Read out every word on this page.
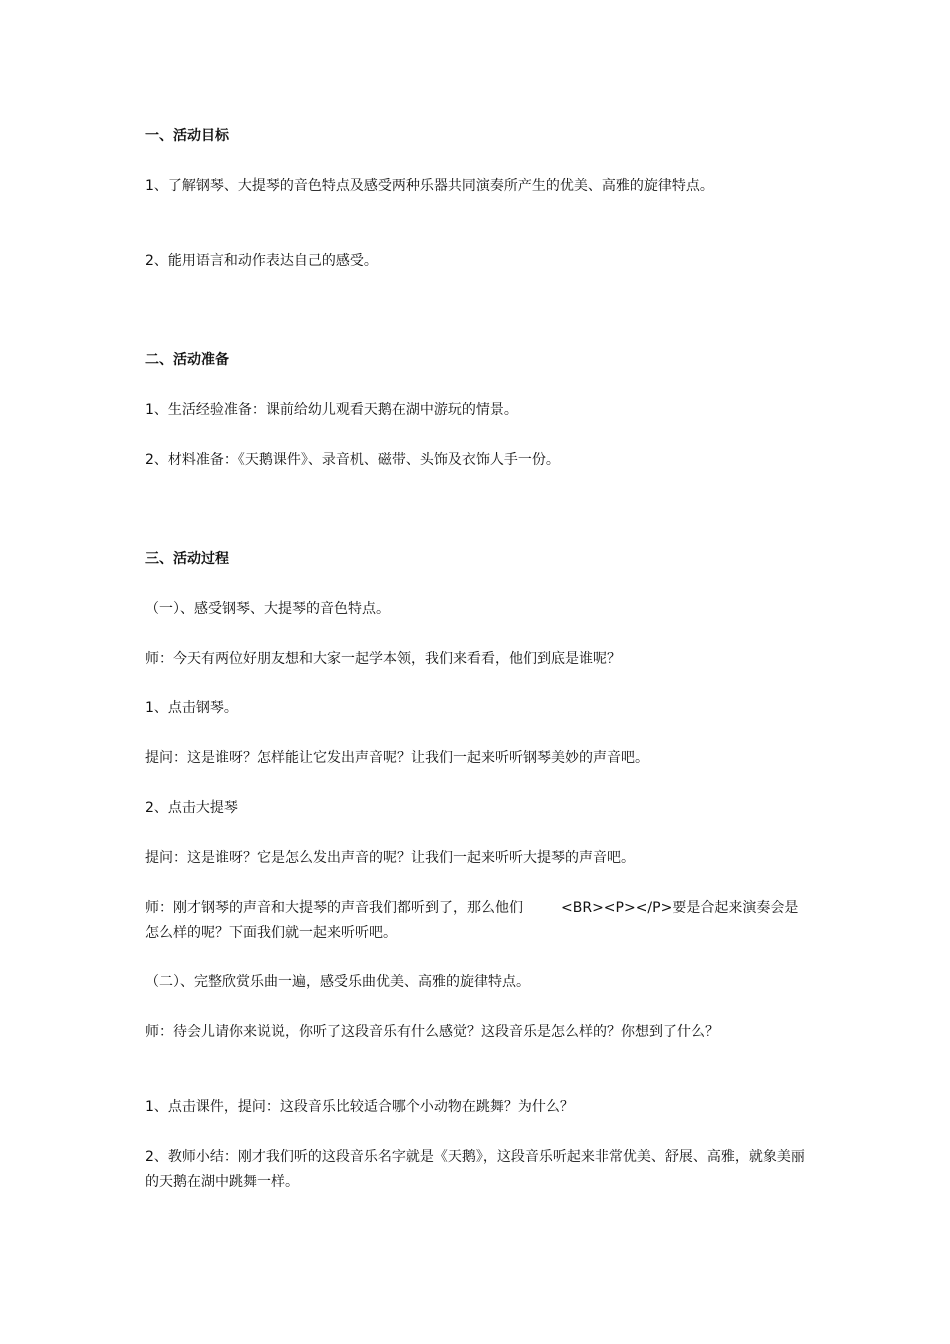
一、活动目标

1、了解钢琴、大提琴的音色特点及感受两种乐器共同演奏所产生的优美、高雅的旋律特点。

2、能用语言和动作表达自己的感受。

二、活动准备

1、生活经验准备：课前给幼儿观看天鹅在湖中游玩的情景。

2、材料准备：《天鹅课件》、录音机、磁带、头饰及衣饰人手一份。

三、活动过程

（一）、感受钢琴、大提琴的音色特点。

师：今天有两位好朋友想和大家一起学本领，我们来看看，他们到底是谁呢？

1、点击钢琴。

提问：这是谁呀？怎样能让它发出声音呢？让我们一起来听听钢琴美妙的声音吧。

2、点击大提琴

提问：这是谁呀？它是怎么发出声音的呢？让我们一起来听听大提琴的声音吧。

师：刚才钢琴的声音和大提琴的声音我们都听到了，那么他们	<BR><P></P>要是合起来演奏会是怎么样的呢？下面我们就一起来听听吧。

（二）、完整欣赏乐曲一遍，感受乐曲优美、高雅的旋律特点。

师：待会儿请你来说说，你听了这段音乐有什么感觉？这段音乐是怎么样的？你想到了什么？

1、点击课件，提问：这段音乐比较适合哪个小动物在跳舞？为什么？

2、教师小结：刚才我们听的这段音乐名字就是《天鹅》，这段音乐听起来非常优美、舒展、高雅，就象美丽的天鹅在湖中跳舞一样。
